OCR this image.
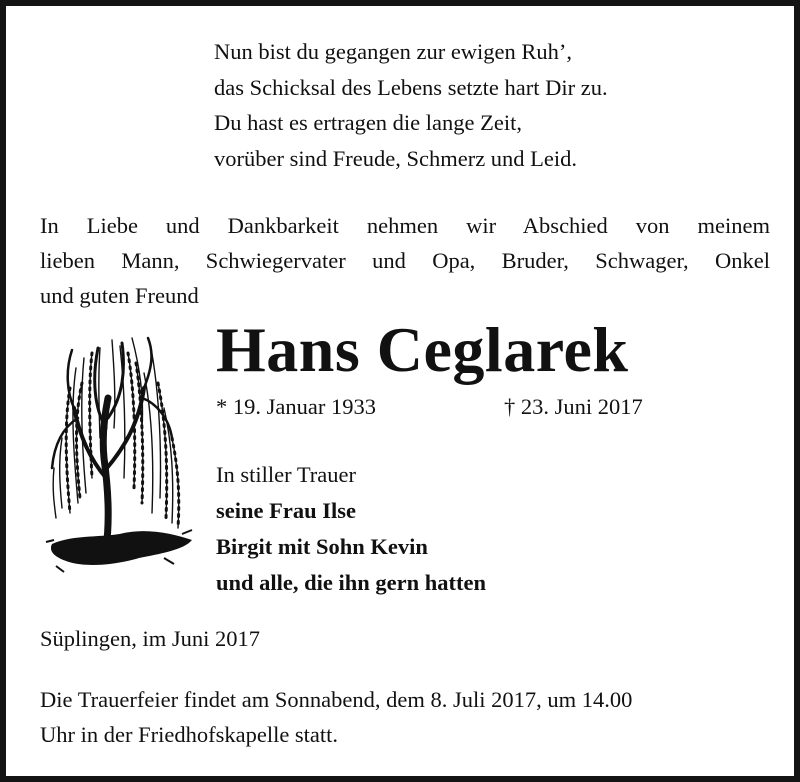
Nun bist du gegangen zur ewigen Ruh’,
das Schicksal des Lebens setzte hart Dir zu.
Du hast es ertragen die lange Zeit,
vorüber sind Freude, Schmerz und Leid.
In Liebe und Dankbarkeit nehmen wir Abschied von meinem
lieben Mann, Schwiegervater und Opa, Bruder, Schwager, Onkel
und guten Freund
Hans Ceglarek
* 19. Januar 1933	† 23. Juni 2017
In stiller Trauer
seine Frau Ilse
Birgit mit Sohn Kevin
und alle, die ihn gern hatten
Süplingen, im Juni 2017
Die Trauerfeier findet am Sonnabend, dem 8. Juli 2017, um 14.00
Uhr in der Friedhofskapelle statt.
